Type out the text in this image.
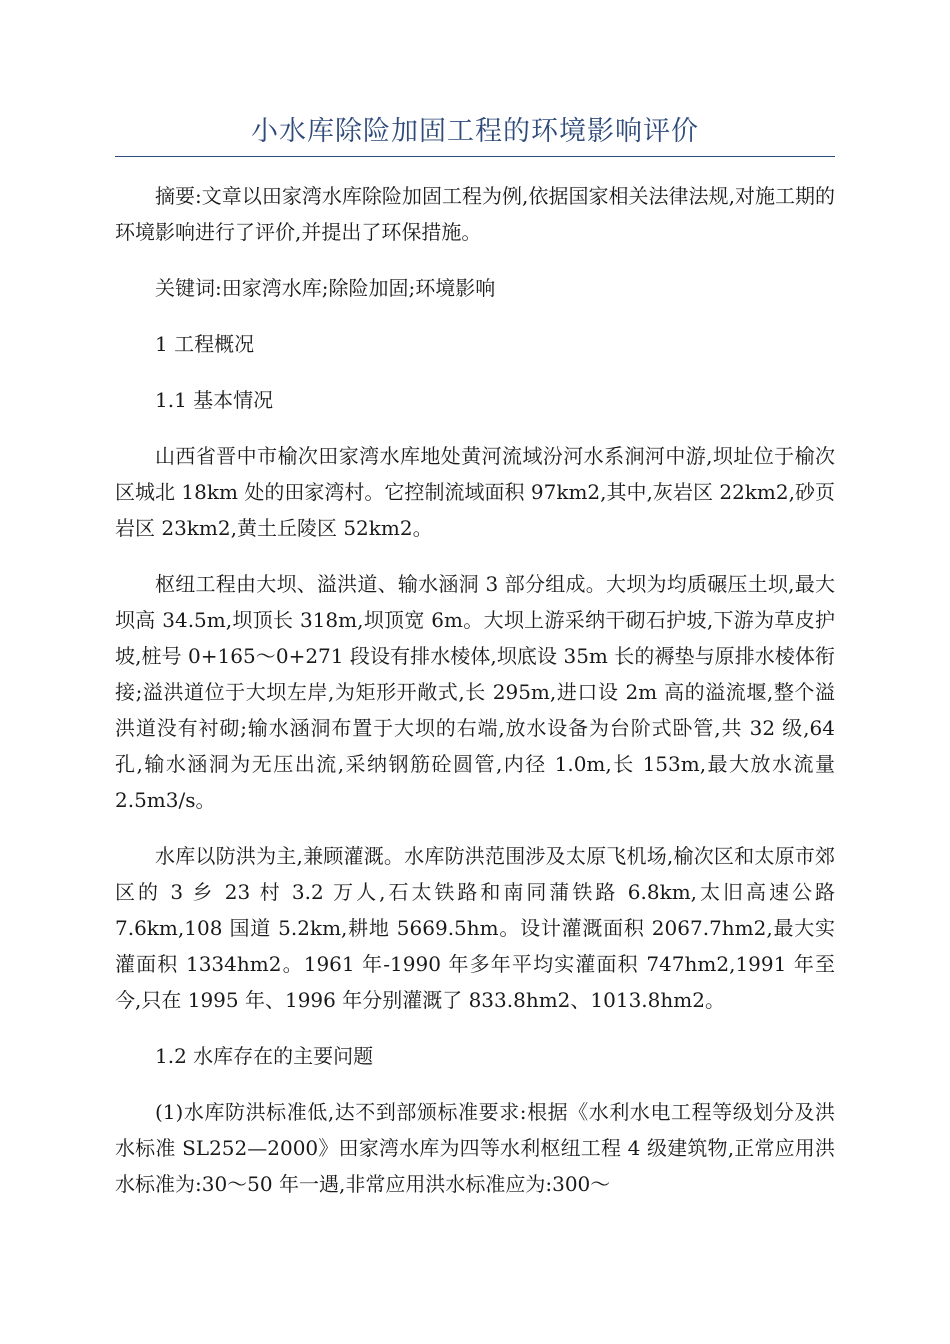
小水库除险加固工程的环境影响评价

摘要:文章以田家湾水库除险加固工程为例,依据国家相关法律法规,对施工期的环境影响进行了评价,并提出了环保措施。

关键词:田家湾水库;除险加固;环境影响

1 工程概况

1.1 基本情况

山西省晋中市榆次田家湾水库地处黄河流域汾河水系涧河中游,坝址位于榆次区城北 18km 处的田家湾村。它控制流域面积 97km2,其中,灰岩区 22km2,砂页岩区 23km2,黄土丘陵区 52km2。

枢纽工程由大坝、溢洪道、输水涵洞 3 部分组成。大坝为均质碾压土坝,最大坝高 34.5m,坝顶长 318m,坝顶宽 6m。大坝上游采纳干砌石护坡,下游为草皮护坡,桩号 0+165～0+271 段设有排水棱体,坝底设 35m 长的褥垫与原排水棱体衔接;溢洪道位于大坝左岸,为矩形开敞式,长 295m,进口设 2m 高的溢流堰,整个溢洪道没有衬砌;输水涵洞布置于大坝的右端,放水设备为台阶式卧管,共 32 级,64 孔,输水涵洞为无压出流,采纳钢筋砼圆管,内径 1.0m,长 153m,最大放水流量 2.5m3/s。

水库以防洪为主,兼顾灌溉。水库防洪范围涉及太原飞机场,榆次区和太原市郊区的 3 乡 23 村 3.2 万人,石太铁路和南同蒲铁路 6.8km,太旧高速公路 7.6km,108 国道 5.2km,耕地 5669.5hm。设计灌溉面积 2067.7hm2,最大实灌面积 1334hm2。1961 年-1990 年多年平均实灌面积 747hm2,1991 年至今,只在 1995 年、1996 年分别灌溉了 833.8hm2、1013.8hm2。

1.2 水库存在的主要问题

(1)水库防洪标准低,达不到部颁标准要求:根据《水利水电工程等级划分及洪水标准 SL252—2000》田家湾水库为四等水利枢纽工程 4 级建筑物,正常应用洪水标准为:30～50 年一遇,非常应用洪水标准应为:300～
